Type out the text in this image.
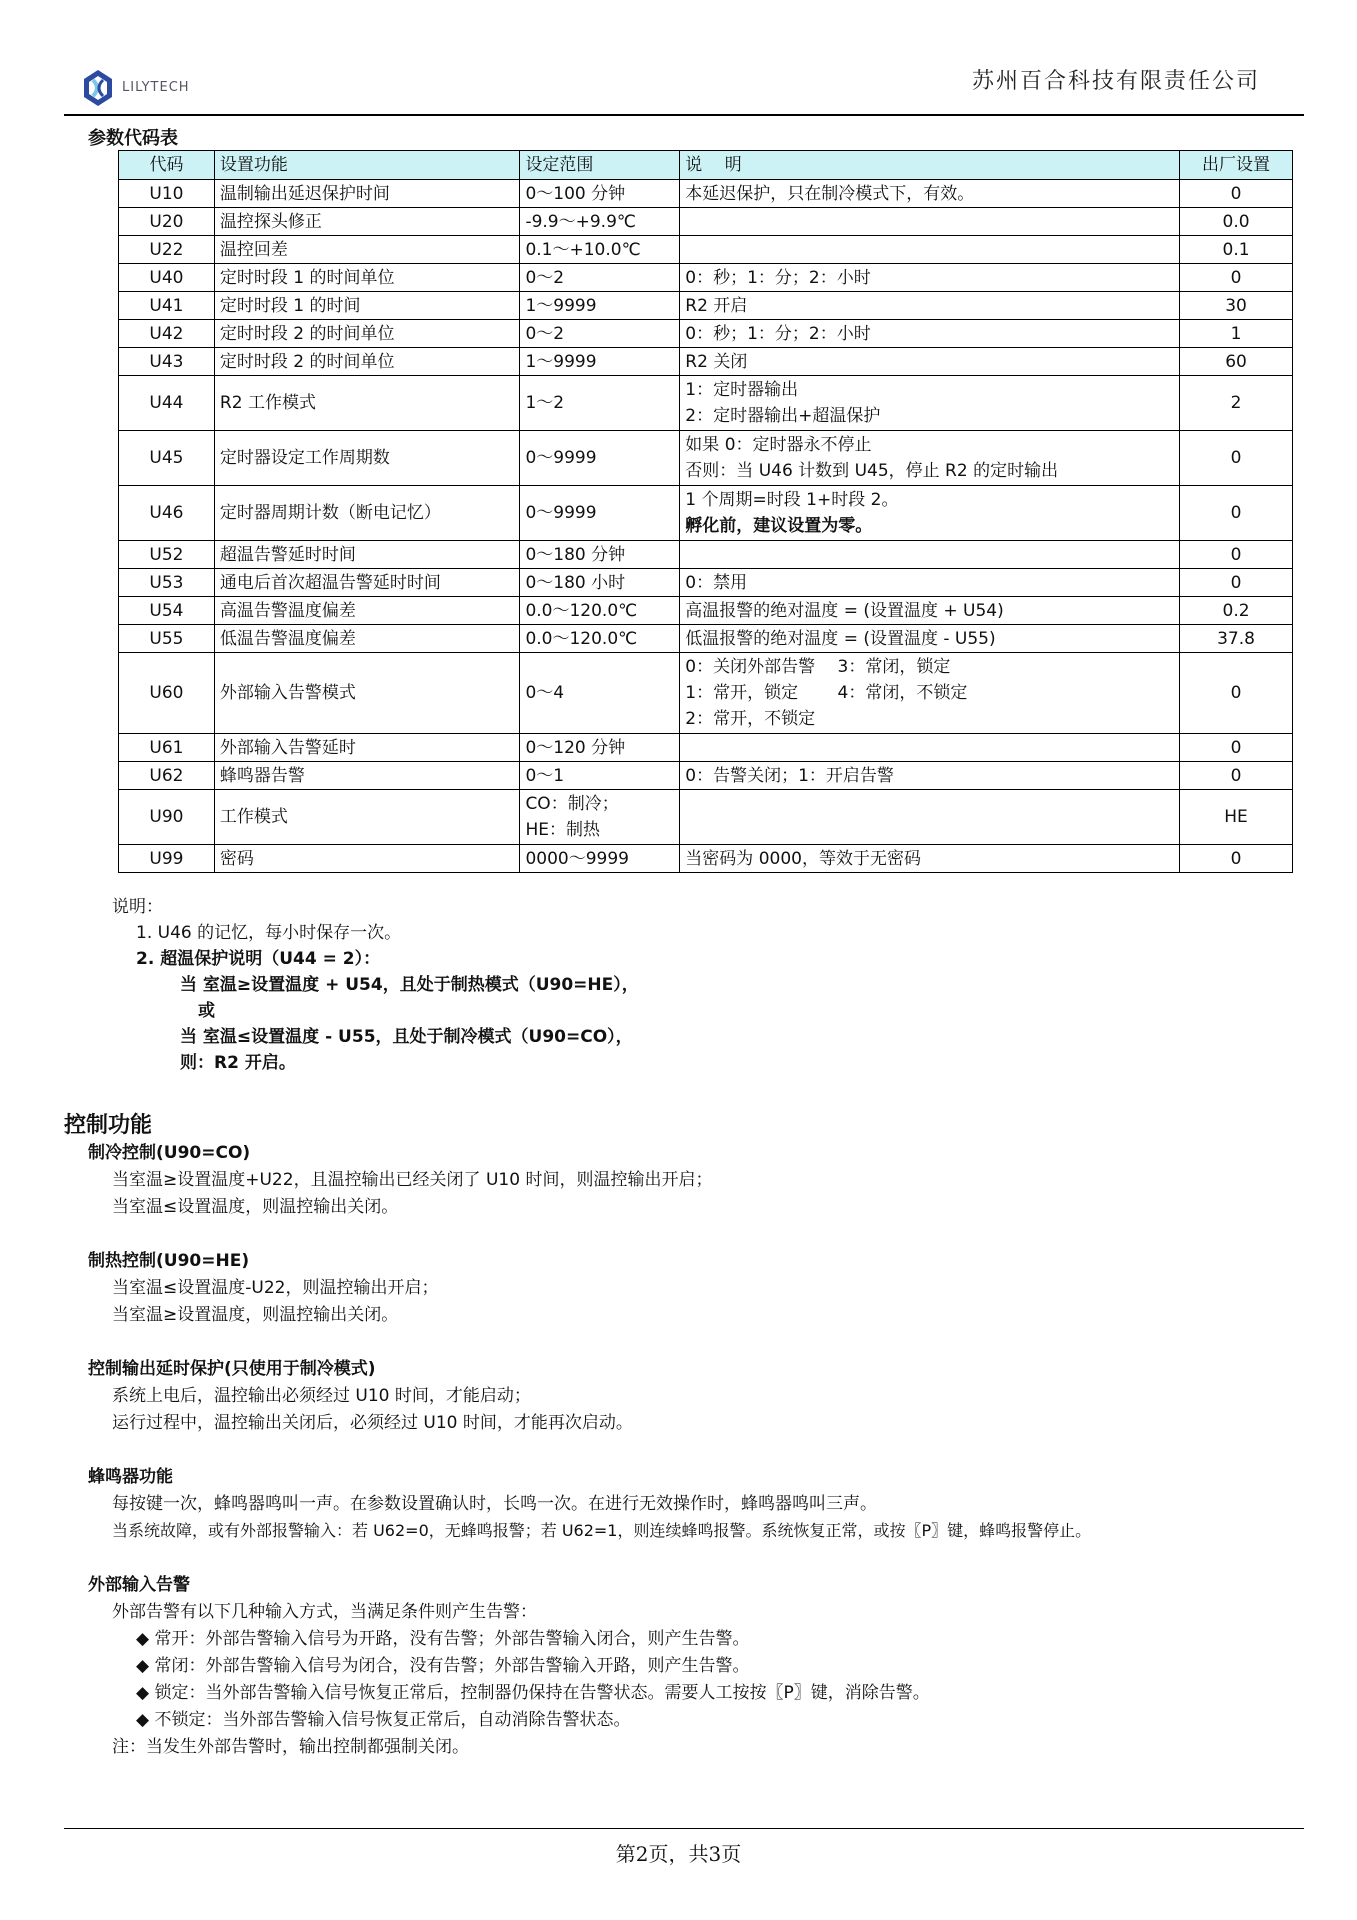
LILYTECH	苏州百合科技有限责任公司
参数代码表
代码	设置功能	设定范围	说　 明	出厂设置
U10	温制输出延迟保护时间	0～100 分钟	本延迟保护，只在制冷模式下，有效。	0
U20	温控探头修正	-9.9～+9.9℃		0.0
U22	温控回差	0.1～+10.0℃		0.1
U40	定时时段 1 的时间单位	0～2	0：秒；1：分；2：小时	0
U41	定时时段 1 的时间	1～9999	R2 开启	30
U42	定时时段 2 的时间单位	0～2	0：秒；1：分；2：小时	1
U43	定时时段 2 的时间单位	1～9999	R2 关闭	60
U44	R2 工作模式	1～2	1：定时器输出
2：定时器输出+超温保护	2
U45	定时器设定工作周期数	0～9999	如果 0：定时器永不停止
否则：当 U46 计数到 U45，停止 R2 的定时输出	0
U46	定时器周期计数（断电记忆）	0～9999	1 个周期=时段 1+时段 2。
孵化前，建议设置为零。	0
U52	超温告警延时时间	0～180 分钟		0
U53	通电后首次超温告警延时时间	0～180 小时	0：禁用	0
U54	高温告警温度偏差	0.0～120.0℃	高温报警的绝对温度 = (设置温度 + U54)	0.2
U55	低温告警温度偏差	0.0～120.0℃	低温报警的绝对温度 = (设置温度 - U55)	37.8
U60	外部输入告警模式	0～4	0：关闭外部告警　 3：常闭，锁定
1：常开，锁定　　 4：常闭，不锁定
2：常开，不锁定	0
U61	外部输入告警延时	0～120 分钟		0
U62	蜂鸣器告警	0～1	0：告警关闭；1：开启告警	0
U90	工作模式	CO：制冷；
HE：制热		HE
U99	密码	0000～9999	当密码为 0000，等效于无密码	0
说明：
1. U46 的记忆，每小时保存一次。
2. 超温保护说明（U44 = 2）：
当 室温≥设置温度 + U54，且处于制热模式（U90=HE），
或
当 室温≤设置温度 - U55，且处于制冷模式（U90=CO），
则：R2 开启。
控制功能
制冷控制(U90=CO)
当室温≥设置温度+U22，且温控输出已经关闭了 U10 时间，则温控输出开启；
当室温≤设置温度，则温控输出关闭。
制热控制(U90=HE)
当室温≤设置温度-U22，则温控输出开启；
当室温≥设置温度，则温控输出关闭。
控制输出延时保护(只使用于制冷模式)
系统上电后，温控输出必须经过 U10 时间，才能启动；
运行过程中，温控输出关闭后，必须经过 U10 时间，才能再次启动。
蜂鸣器功能
每按键一次，蜂鸣器鸣叫一声。在参数设置确认时，长鸣一次。在进行无效操作时，蜂鸣器鸣叫三声。
当系统故障，或有外部报警输入：若 U62=0，无蜂鸣报警；若 U62=1，则连续蜂鸣报警。系统恢复正常，或按〖P〗键，蜂鸣报警停止。
外部输入告警
外部告警有以下几种输入方式，当满足条件则产生告警：
◆ 常开：外部告警输入信号为开路，没有告警；外部告警输入闭合，则产生告警。
◆ 常闭：外部告警输入信号为闭合，没有告警；外部告警输入开路，则产生告警。
◆ 锁定：当外部告警输入信号恢复正常后，控制器仍保持在告警状态。需要人工按按〖P〗键，消除告警。
◆ 不锁定：当外部告警输入信号恢复正常后，自动消除告警状态。
注：当发生外部告警时，输出控制都强制关闭。
第2页，共3页
